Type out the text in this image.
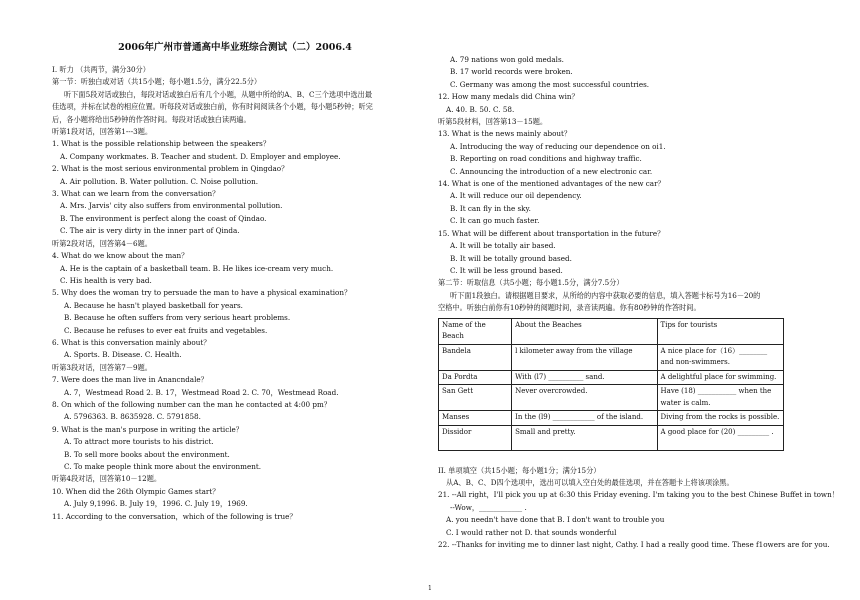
2006年广州市普通高中毕业班综合测试（二）2006.4
I. 听力 （共两节，满分30分）
第一节：听独白或对话（共15小题；每小题1.5分，满分22.5分）
听下面5段对话或独白，每段对话或独白后有几个小题，从题中所给的A、B、C三个选项中选出最
佳选项，并标在试卷的相应位置。听每段对话或独白前，你有时间阅读各个小题，每小题5秒钟；听完
后，各小题将给出5秒钟的作答时间。每段对话或独白读两遍。
听第1段对话，回答第1---3题。
1. What is the possible relationship between the speakers？
A. Company workmates. B. Teacher and student. D. Employer and employee.
2. What is the most serious environmental problem in Qingdao？
A. Air pollution. B. Water pollution. C. Noise pollution.
3. What can we learn from the conversation？
A. Mrs. Jarvis' city also suffers from environmental pollution.
B. The environment is perfect along the coast of Qindao.
C. The air is very dirty in the inner part of Qinda.
听第2段对话，回答第4－6题。
4. What do we know about the man？
A. He is the captain of a basketball team. B. He likes ice-cream very much.
C. His health is very bad.
5. Why does the woman try to persuade the man to have a physical examination？
A. Because he hasn't played basketball for years.
B. Because he often suffers from very serious heart problems.
C. Because he refuses to ever eat fruits and vegetables.
6. What is this conversation mainly about？
A. Sports. B. Disease. C. Health.
听第3段对话，回答第7－9题。
7. Were does the man live in Anancndale？
A. 7，Westmead Road 2. B. 17，Westmead Road 2. C. 70，Westmead Road.
8. On which of the following number can the man he contacted at 4:00 pm？
A. 5796363. B. 8635928. C. 5791858.
9. What is the man's purpose in writing the article？
A. To attract more tourists to his district.
B. To sell more books about the environment.
C. To make people think more about the environment.
听第4段对话，回答第10－12题。
10. When did the 26th Olympic Games start？
A. July 9,1996. B. July 19，1996. C. July 19，1969.
11. According to the conversation，which of the following is true？
A. 79 nations won gold medals.
B. 17 world records were broken.
C. Germany was among the most successful countries.
12. How many medals did China win？
A. 40. B. 50. C. 58.
听第5段材料，回答第13－15题。
13. What is the news mainly about？
A. Introducing the way of reducing our dependence on oi1.
B. Reporting on road conditions and highway traffic.
C. Announcing the introduction of a new electronic car.
14. What is one of the mentioned advantages of the new car？
A. It will reduce our oil dependency.
B. It can fly in the sky.
C. It can go much faster.
15. What will be different about transportation in the future？
A. It will be totally air based.
B. It will be totally ground based.
C. It will be less ground based.
第二节：听取信息（共5小题；每小题1.5分，满分7.5分）
听下面1段独白。请根据题目要求，从所给的内容中获取必要的信息，填入答题卡标号为16－20的
空格中。听独白前你有10秒钟的阅题时间，录音读两遍。你有80秒钟的作答时间。
Name of the Beach	About the Beaches	Tips for tourists
Bandela	l kilometer away from the village	A nice place for（16）________ and non-swimmers.
Da Pordta	With (l7) __________ sand.	A delightful place for swimming.
San Gett	Never overcrowded.	Have (18) ___________ when the water is calm.
Manses	In the (l9) ____________ of the island.	Diving from the rocks is possible.
Dissidor	Small and pretty.	A good place for (20) _________ .
II. 单项填空（共15小题；每小题1分；满分15分）
从A、B、C、D四个选项中，选出可以填入空白处的最佳选项，并在答题卡上将该项涂黑。
21. --All right，I'll pick you up at 6:30 this Friday evening. I'm taking you to the best Chinese Buffet in town！
--Wow，____________ .
A. you needn't have done that B. I don't want to trouble you
C. I would rather not D. that sounds wonderful
22. --Thanks for inviting me to dinner last night, Cathy. I had a really good time. These f1owers are for you.
1
